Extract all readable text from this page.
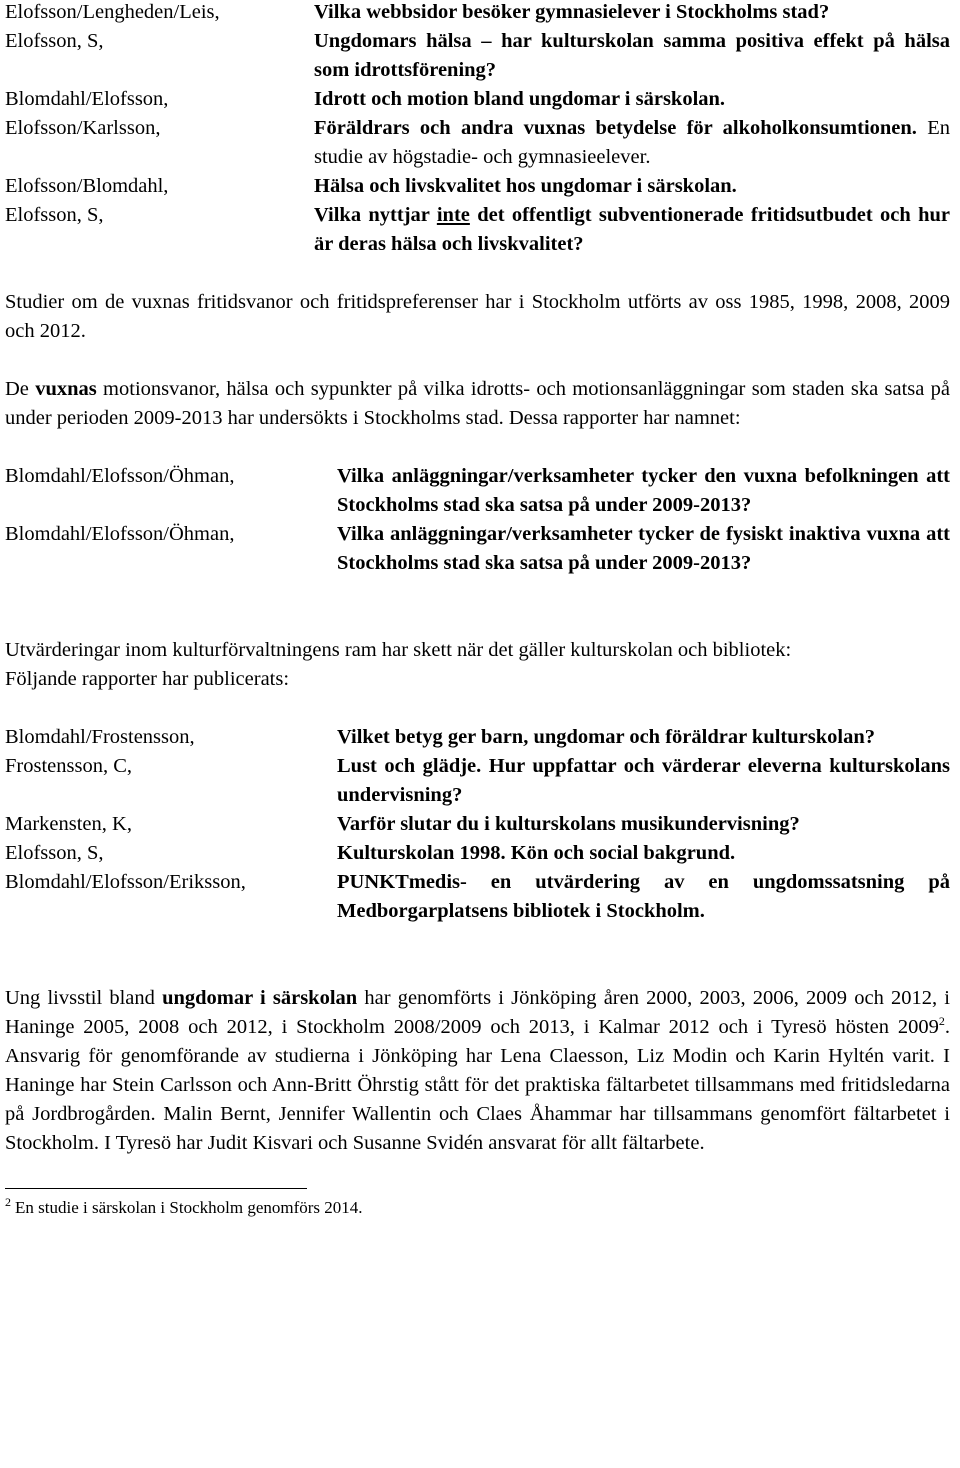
Elofsson/Lengheden/Leis,	Vilka webbsidor besöker gymnasielever i Stockholms stad?
Elofsson, S,	Ungdomars hälsa – har kulturskolan samma positiva effekt på hälsa som idrottsförening?
Blomdahl/Elofsson,	Idrott och motion bland ungdomar i särskolan.
Elofsson/Karlsson,	Föräldrars och andra vuxnas betydelse för alkoholkonsumtionen. En studie av högstadie- och gymnasieelever.
Elofsson/Blomdahl,	Hälsa och livskvalitet hos ungdomar i särskolan.
Elofsson, S,	Vilka nyttjar inte det offentligt subventionerade fritidsutbudet och hur är deras hälsa och livskvalitet?

Studier om de vuxnas fritidsvanor och fritidspreferenser har i Stockholm utförts av oss 1985, 1998, 2008, 2009 och 2012.

De vuxnas motionsvanor, hälsa och sypunkter på vilka idrotts- och motionsanläggningar som staden ska satsa på under perioden 2009-2013 har undersökts i Stockholms stad. Dessa rapporter har namnet:

Blomdahl/Elofsson/Öhman,	Vilka anläggningar/verksamheter tycker den vuxna befolkningen att Stockholms stad ska satsa på under 2009-2013?
Blomdahl/Elofsson/Öhman,	Vilka anläggningar/verksamheter tycker de fysiskt inaktiva vuxna att Stockholms stad ska satsa på under 2009-2013?

Utvärderingar inom kulturförvaltningens ram har skett när det gäller kulturskolan och bibliotek:

Följande rapporter har publicerats:

Blomdahl/Frostensson,	Vilket betyg ger barn, ungdomar och föräldrar kulturskolan?
Frostensson, C,	Lust och glädje. Hur uppfattar och värderar eleverna kulturskolans undervisning?
Markensten, K,	Varför slutar du i kulturskolans musikundervisning?
Elofsson, S,	Kulturskolan 1998. Kön och social bakgrund.
Blomdahl/Elofsson/Eriksson,	PUNKTmedis- en utvärdering av en ungdomssatsning på Medborgarplatsens bibliotek i Stockholm.

Ung livsstil bland ungdomar i särskolan har genomförts i Jönköping åren 2000, 2003, 2006, 2009 och 2012, i Haninge 2005, 2008 och 2012, i Stockholm 2008/2009 och 2013, i Kalmar 2012 och i Tyresö hösten 2009$^2$. Ansvarig för genomförande av studierna i Jönköping har Lena Claesson, Liz Modin och Karin Hyltén varit. I Haninge har Stein Carlsson och Ann-Britt Öhrstig stått för det praktiska fältarbetet tillsammans med fritidsledarna på Jordbrogården. Malin Bernt, Jennifer Wallentin och Claes Åhammar har tillsammans genomfört fältarbetet i Stockholm. I Tyresö har Judit Kisvari och Susanne Svidén ansvarat för allt fältarbete.

$^2$ En studie i särskolan i Stockholm genomförs 2014.
